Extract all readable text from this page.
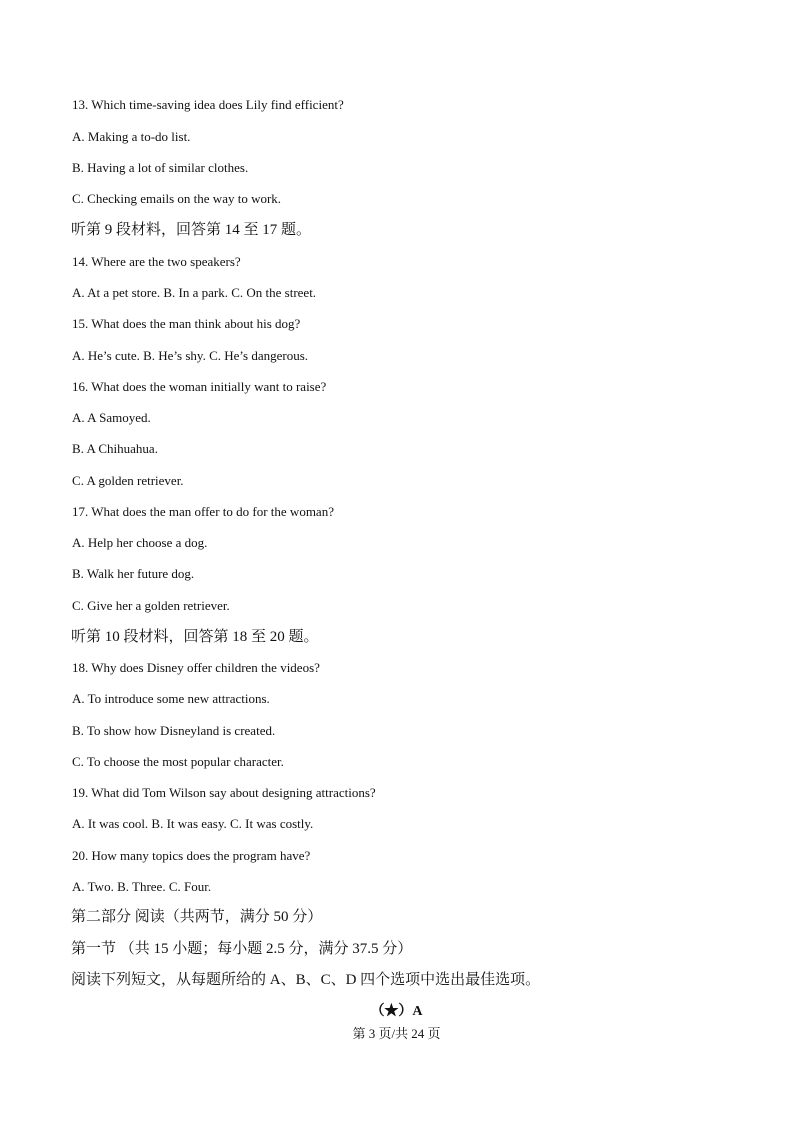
13. Which time-saving idea does Lily find efficient?
A. Making a to-do list.
B. Having a lot of similar clothes.
C. Checking emails on the way to work.
听第 9 段材料，回答第 14 至 17 题。
14. Where are the two speakers?
A. At a pet store. B. In a park. C. On the street.
15. What does the man think about his dog?
A. He’s cute. B. He’s shy. C. He’s dangerous.
16. What does the woman initially want to raise?
A. A Samoyed.
B. A Chihuahua.
C. A golden retriever.
17. What does the man offer to do for the woman?
A. Help her choose a dog.
B. Walk her future dog.
C. Give her a golden retriever.
听第 10 段材料，回答第 18 至 20 题。
18. Why does Disney offer children the videos?
A. To introduce some new attractions.
B. To show how Disneyland is created.
C. To choose the most popular character.
19. What did Tom Wilson say about designing attractions?
A. It was cool. B. It was easy. C. It was costly.
20. How many topics does the program have?
A. Two. B. Three. C. Four.
第二部分 阅读（共两节，满分 50 分）
第一节 （共 15 小题；每小题 2.5 分，满分 37.5 分）
阅读下列短文，从每题所给的 A、B、C、D 四个选项中选出最佳选项。
（★）A
第 3 页/共 24 页
